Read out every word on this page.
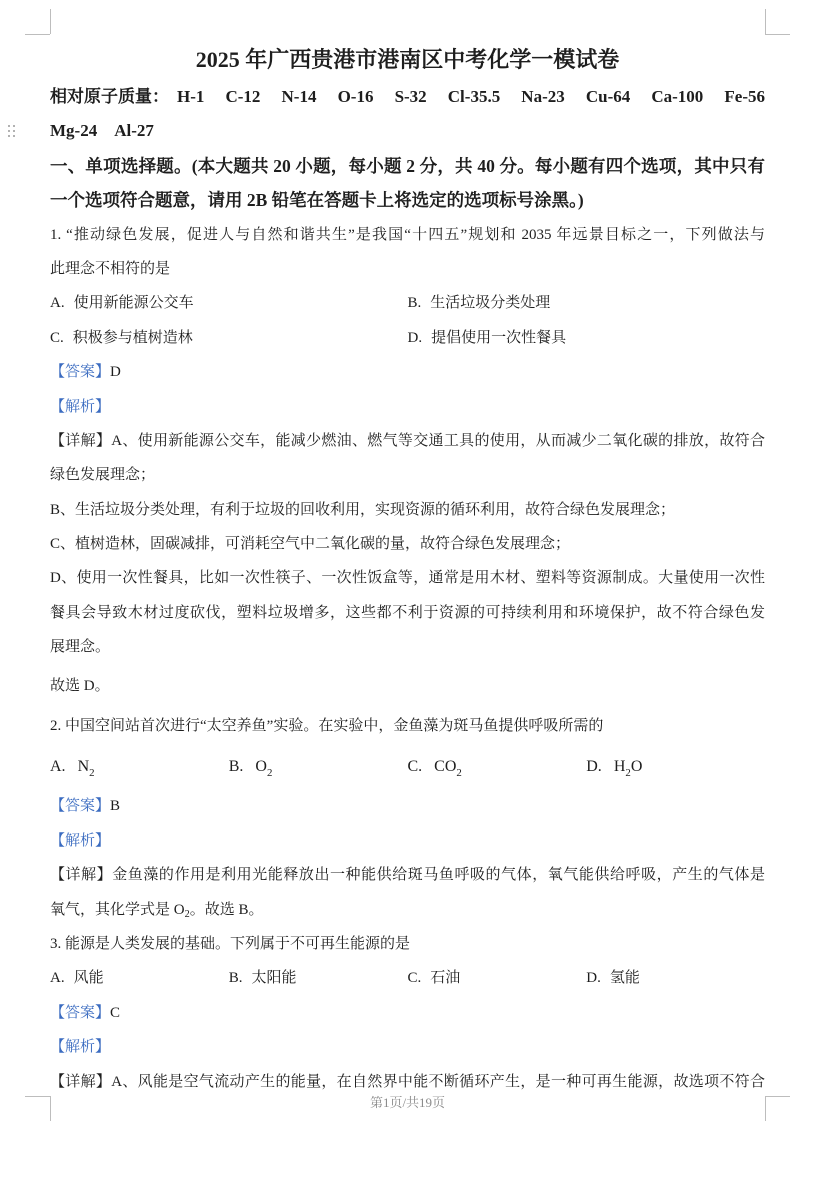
2025 年广西贵港市港南区中考化学一模试卷
相对原子质量： H-1 C-12 N-14 O-16 S-32 Cl-35.5 Na-23 Cu-64 Ca-100 Fe-56
Mg-24 Al-27
一、单项选择题。(本大题共 20 小题，每小题 2 分，共 40 分。每小题有四个选项，其中只有
一个选项符合题意，请用 2B 铅笔在答题卡上将选定的选项标号涂黑。)
1. “推动绿色发展，促进人与自然和谐共生”是我国“十四五”规划和 2035 年远景目标之一，下列做法与
此理念不相符的是
A. 使用新能源公交车	B. 生活垃圾分类处理
C. 积极参与植树造林	D. 提倡使用一次性餐具
【答案】D
【解析】
【详解】A、使用新能源公交车，能减少燃油、燃气等交通工具的使用，从而减少二氧化碳的排放，故符合
绿色发展理念；
B、生活垃圾分类处理，有利于垃圾的回收利用，实现资源的循环利用，故符合绿色发展理念；
C、植树造林，固碳减排，可消耗空气中二氧化碳的量，故符合绿色发展理念；
D、使用一次性餐具，比如一次性筷子、一次性饭盒等，通常是用木材、塑料等资源制成。大量使用一次性
餐具会导致木材过度砍伐，塑料垃圾增多，这些都不利于资源的可持续利用和环境保护，故不符合绿色发
展理念。
故选 D。
2. 中国空间站首次进行“太空养鱼”实验。在实验中，金鱼藻为斑马鱼提供呼吸所需的
A. $N_2$	B. $O_2$	C. $CO_2$	D. $H_2O$
【答案】B
【解析】
【详解】金鱼藻的作用是利用光能释放出一种能供给斑马鱼呼吸的气体，氧气能供给呼吸，产生的气体是
氧气，其化学式是 $O_2$。故选 B。
3. 能源是人类发展的基础。下列属于不可再生能源的是
A. 风能	B. 太阳能	C. 石油	D. 氢能
【答案】C
【解析】
【详解】A、风能是空气流动产生的能量，在自然界中能不断循环产生，是一种可再生能源，故选项不符合
第1页/共19页
